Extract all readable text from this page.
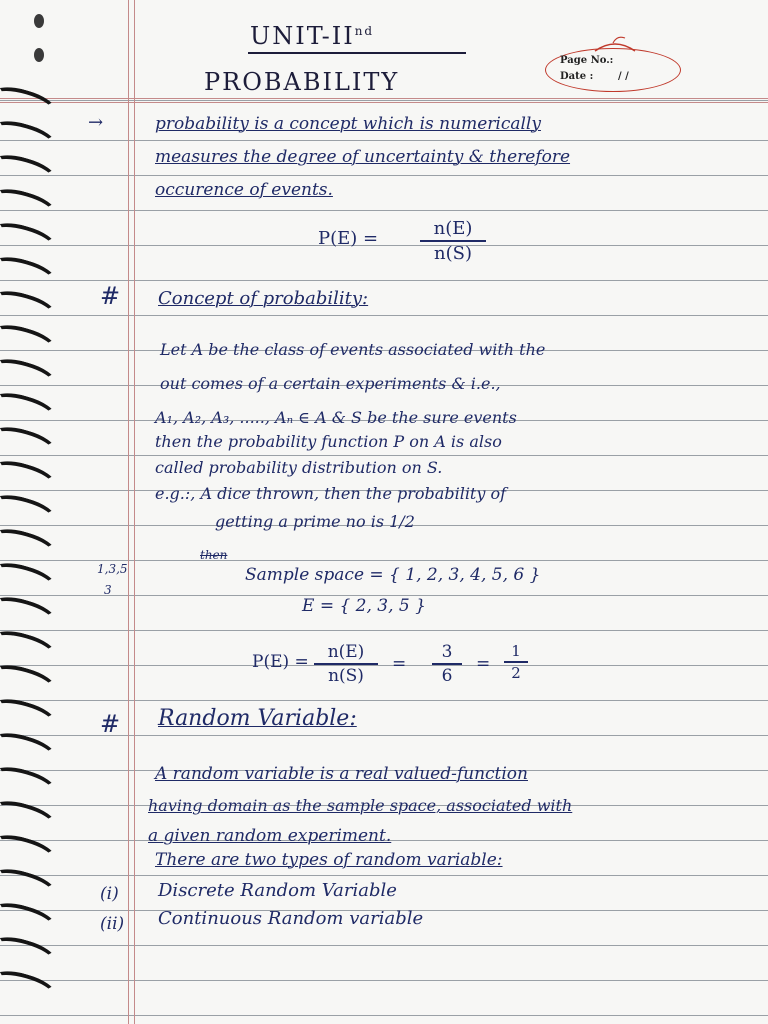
UNIT-IInd
PROBABILITY
Page No.:
Date : / /
→	probability is a concept which is numerically
measures the degree of uncertainty & therefore
occurence of events.
P(E) =	n(E)
n(S)
# Concept of probability:
Let A be the class of events associated with the
out comes of a certain experiments & i.e.,
A₁, A₂, A₃, ....., Aₙ ∈ A & S be the sure events
then the probability function P on A is also
called probability distribution on S.
e.g.:, A dice thrown, then the probability of
getting a prime no is 1/2
then
1,3,5
3
Sample space = { 1, 2, 3, 4, 5, 6 }
E = { 2, 3, 5 }
P(E) =	n(E)
n(S)
=
3
6
=
1
2
# Random Variable:
A random variable is a real valued-function
having domain as the sample space, associated with
a given random experiment.
There are two types of random variable:
(i) Discrete Random Variable
(ii) Continuous Random variable
